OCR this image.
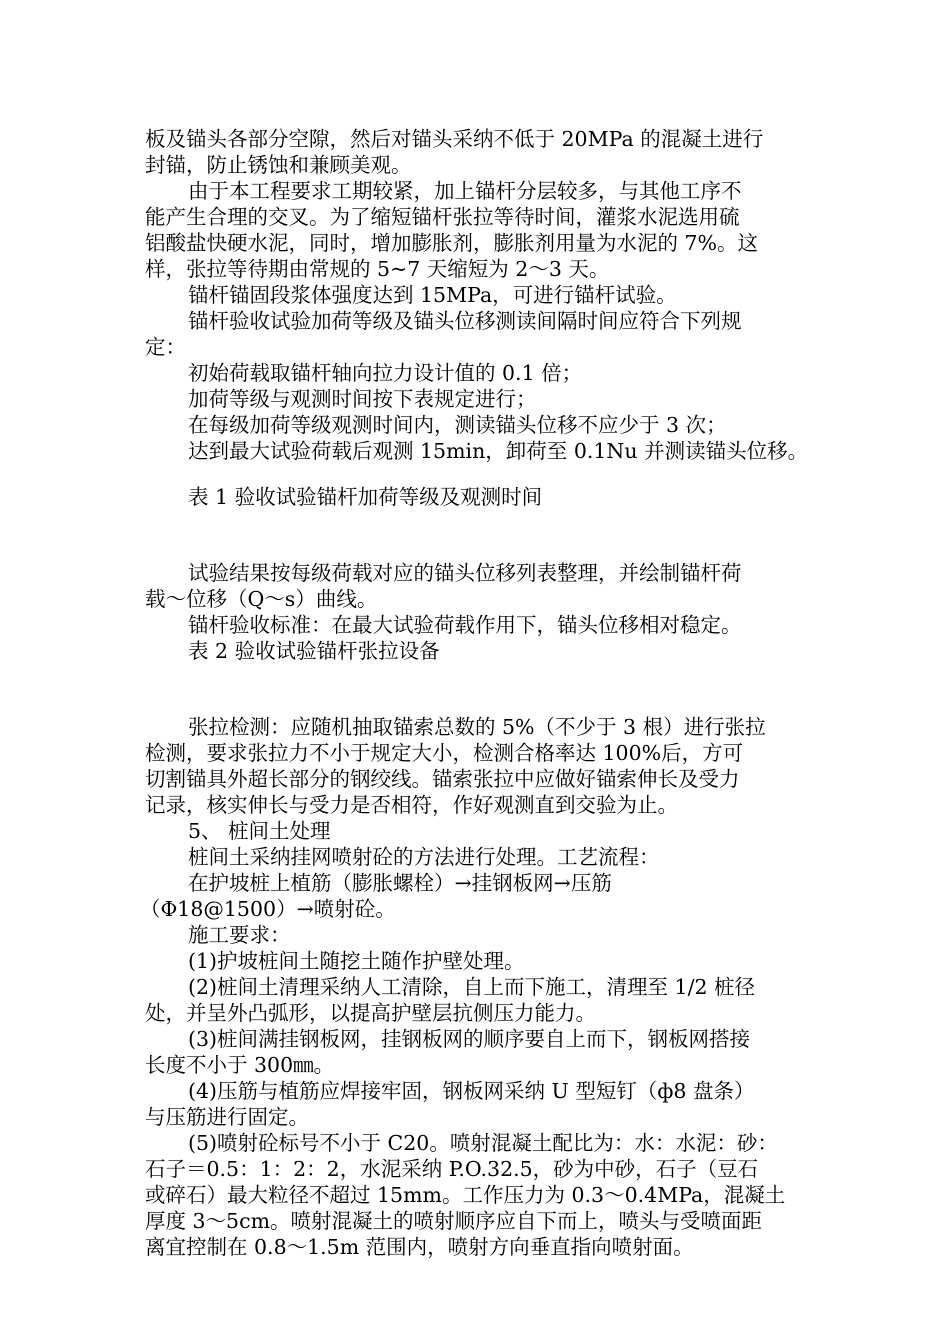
板及锚头各部分空隙，然后对锚头采纳不低于 20MPa 的混凝土进行
封锚，防止锈蚀和兼顾美观。
由于本工程要求工期较紧，加上锚杆分层较多，与其他工序不
能产生合理的交叉。为了缩短锚杆张拉等待时间，灌浆水泥选用硫
铝酸盐快硬水泥，同时，增加膨胀剂，膨胀剂用量为水泥的 7%。这
样，张拉等待期由常规的 5~7 天缩短为 2～3 天。
锚杆锚固段浆体强度达到 15MPa，可进行锚杆试验。
锚杆验收试验加荷等级及锚头位移测读间隔时间应符合下列规
定：
初始荷载取锚杆轴向拉力设计值的 0.1 倍；
加荷等级与观测时间按下表规定进行；
在每级加荷等级观测时间内，测读锚头位移不应少于 3 次；
达到最大试验荷载后观测 15min，卸荷至 0.1Nu 并测读锚头位移。
表 1 验收试验锚杆加荷等级及观测时间
试验结果按每级荷载对应的锚头位移列表整理，并绘制锚杆荷
载～位移（Q～s）曲线。
锚杆验收标准：在最大试验荷载作用下，锚头位移相对稳定。
表 2 验收试验锚杆张拉设备
张拉检测：应随机抽取锚索总数的 5%（不少于 3 根）进行张拉
检测，要求张拉力不小于规定大小，检测合格率达 100%后，方可
切割锚具外超长部分的钢绞线。锚索张拉中应做好锚索伸长及受力
记录，核实伸长与受力是否相符，作好观测直到交验为止。
5、 桩间土处理
桩间土采纳挂网喷射砼的方法进行处理。工艺流程：
在护坡桩上植筋（膨胀螺栓）→挂钢板网→压筋
（Φ18@1500）→喷射砼。
施工要求：
(1)护坡桩间土随挖土随作护壁处理。
(2)桩间土清理采纳人工清除，自上而下施工，清理至 1/2 桩径
处，并呈外凸弧形，以提高护壁层抗侧压力能力。
(3)桩间满挂钢板网，挂钢板网的顺序要自上而下，钢板网搭接
长度不小于 300㎜。
(4)压筋与植筋应焊接牢固，钢板网采纳 U 型短钉（ф8 盘条）
与压筋进行固定。
(5)喷射砼标号不小于 C20。喷射混凝土配比为：水：水泥：砂：
石子＝0.5：1：2：2，水泥采纳 P.O.32.5，砂为中砂，石子（豆石
或碎石）最大粒径不超过 15mm。工作压力为 0.3～0.4MPa，混凝土
厚度 3～5cm。喷射混凝土的喷射顺序应自下而上，喷头与受喷面距
离宜控制在 0.8～1.5m 范围内，喷射方向垂直指向喷射面。
